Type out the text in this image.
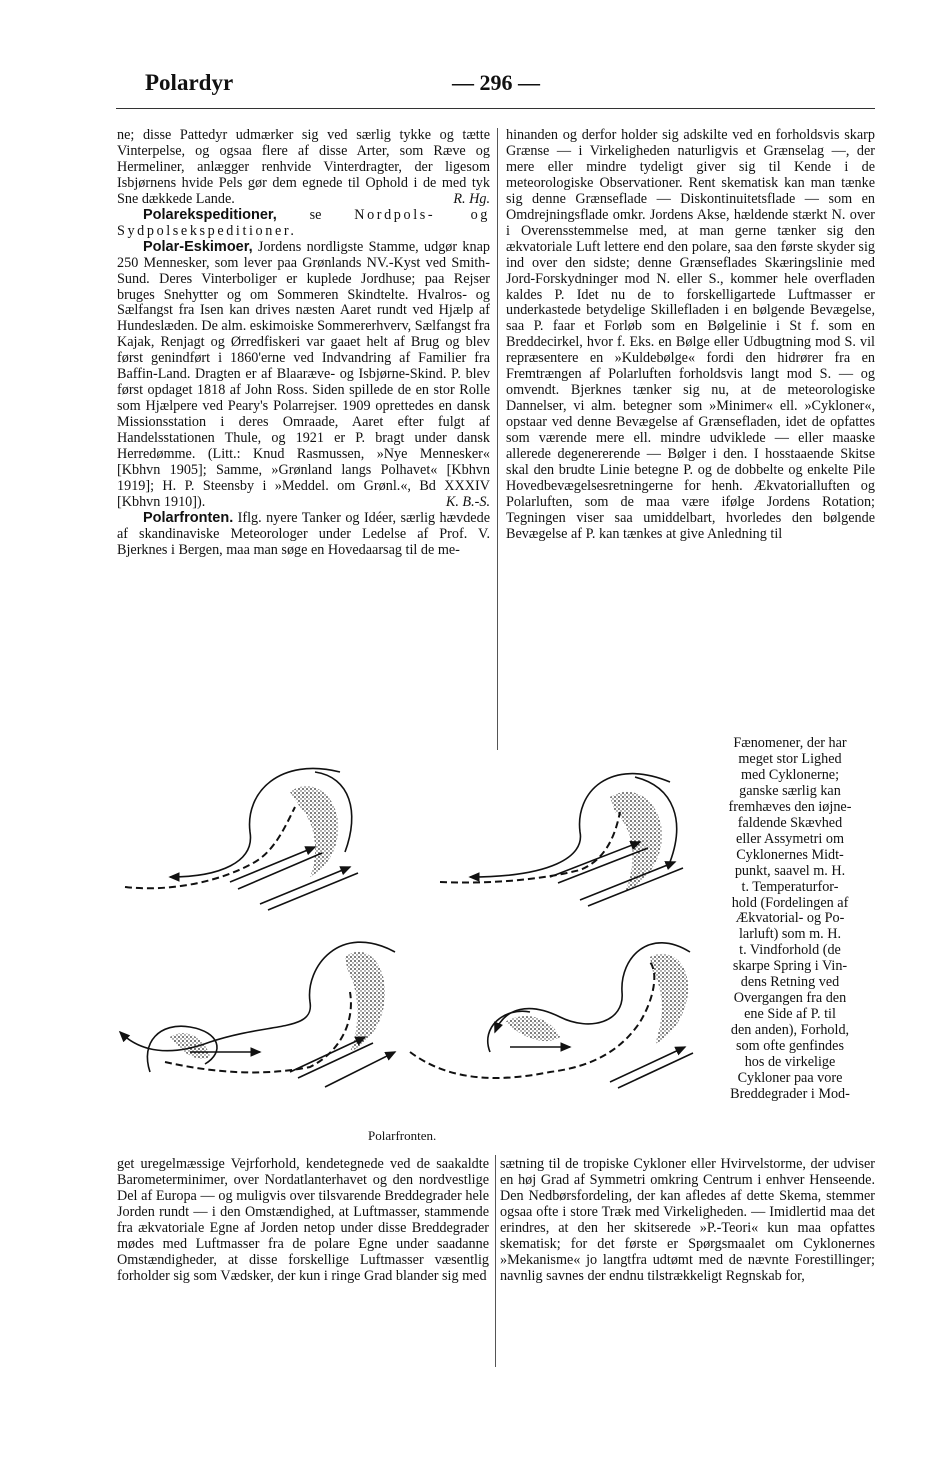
Polardyr	— 296 —

ne; disse Pattedyr udmærker sig ved særlig tykke og tætte Vinterpelse, og ogsaa flere af disse Arter, som Ræve og Hermeliner, anlægger renhvide Vinterdragter, der ligesom Isbjørnens hvide Pels gør dem egnede til Ophold i de med tyk Sne dækkede Lande.	R. Hg.

Polarekspeditioner, se Nordpols- og Sydpolsekspeditioner.

Polar-Eskimoer, Jordens nordligste Stamme, udgør knap 250 Mennesker, som lever paa Grønlands NV.-Kyst ved Smith-Sund. Deres Vinterboliger er kuplede Jordhuse; paa Rejser bruges Snehytter og om Sommeren Skindtelte. Hvalros- og Sælfangst fra Isen kan drives næsten Aaret rundt ved Hjælp af Hundeslæden. De alm. eskimoiske Sommererhverv, Sælfangst fra Kajak, Renjagt og Ørredfiskeri var gaaet helt af Brug og blev først genindført i 1860'erne ved Indvandring af Familier fra Baffin-Land. Dragten er af Blaaræve- og Isbjørne-Skind. P. blev først opdaget 1818 af John Ross. Siden spillede de en stor Rolle som Hjælpere ved Peary's Polarrejser. 1909 oprettedes en dansk Missionsstation i deres Omraade, Aaret efter fulgt af Handelsstationen Thule, og 1921 er P. bragt under dansk Herredømme. (Litt.: Knud Rasmussen, »Nye Mennesker« [Kbhvn 1905]; Samme, »Grønland langs Polhavet« [Kbhvn 1919]; H. P. Steensby i »Meddel. om Grønl.«, Bd XXXIV [Kbhvn 1910]).	K. B.-S.

Polarfronten. Iflg. nyere Tanker og Idéer, særlig hævdede af skandinaviske Meteorologer under Ledelse af Prof. V. Bjerknes i Bergen, maa man søge en Hovedaarsag til de me-

hinanden og derfor holder sig adskilte ved en forholdsvis skarp Grænse — i Virkeligheden naturligvis et Grænselag —, der mere eller mindre tydeligt giver sig til Kende i de meteorologiske Observationer. Rent skematisk kan man tænke sig denne Grænseflade — Diskontinuitetsflade — som en Omdrejningsflade omkr. Jordens Akse, hældende stærkt N. over i Overensstemmelse med, at man gerne tænker sig den ækvatoriale Luft lettere end den polare, saa den første skyder sig ind over den sidste; denne Grænseflades Skæringslinie med Jord-Forskydninger mod N. eller S., kommer hele overfladen kaldes P. Idet nu de to forskelligartede Luftmasser er underkastede betydelige Skillefladen i en bølgende Bevægelse, saa P. faar et Forløb som en Bølgelinie i St f. som en Breddecirkel, hvor f. Eks. en Bølge eller Udbugtning mod S. vil repræsentere en »Kuldebølge« fordi den hidrører fra en Fremtrængen af Polarluften forholdsvis langt mod S. — og omvendt. Bjerknes tænker sig nu, at de meteorologiske Dannelser, vi alm. betegner som »Minimer« ell. »Cykloner«, opstaar ved denne Bevægelse af Grænsefladen, idet de opfattes som værende mere ell. mindre udviklede — eller maaske allerede degenererende — Bølger i den. I hosstaaende Skitse skal den brudte Linie betegne P. og de dobbelte og enkelte Pile Hovedbevægelsesretningerne for henh. Ækvatorialluften og Polarluften, som de maa være ifølge Jordens Rotation; Tegningen viser saa umiddelbart, hvorledes den bølgende Bevægelse af P. kan tænkes at give Anledning til

Fænomener, der har

meget stor Lighed

med Cyklonerne;

ganske særlig kan

fremhæves den iøjne-

faldende Skævhed

eller Assymetri om

Cyklonernes Midt-

punkt, saavel m. H.

t. Temperaturfor-

hold (Fordelingen af

Ækvatorial- og Po-

larluft) som m. H.

t. Vindforhold (de

skarpe Spring i Vin-

dens Retning ved

Overgangen fra den

ene Side af P. til

den anden), Forhold,

som ofte genfindes

hos de virkelige

Cykloner paa vore

Breddegrader i Mod-

Polarfronten.

get uregelmæssige Vejrforhold, kendetegnede ved de saakaldte Barometerminimer, over Nordatlanterhavet og den nordvestlige Del af Europa — og muligvis over tilsvarende Breddegrader hele Jorden rundt — i den Omstændighed, at Luftmasser, stammende fra ækvatoriale Egne af Jorden netop under disse Breddegrader mødes med Luftmasser fra de polare Egne under saadanne Omstændigheder, at disse forskellige Luftmasser væsentlig forholder sig som Vædsker, der kun i ringe Grad blander sig med

sætning til de tropiske Cykloner eller Hvirvelstorme, der udviser en høj Grad af Symmetri omkring Centrum i enhver Henseende. Den Nedbørsfordeling, der kan afledes af dette Skema, stemmer ogsaa ofte i store Træk med Virkeligheden. — Imidlertid maa det erindres, at den her skitserede »P.-Teori« kun maa opfattes skematisk; for det første er Spørgsmaalet om Cyklonernes »Mekanisme« jo langtfra udtømt med de nævnte Forestillinger; navnlig savnes der endnu tilstrækkeligt Regnskab for,
